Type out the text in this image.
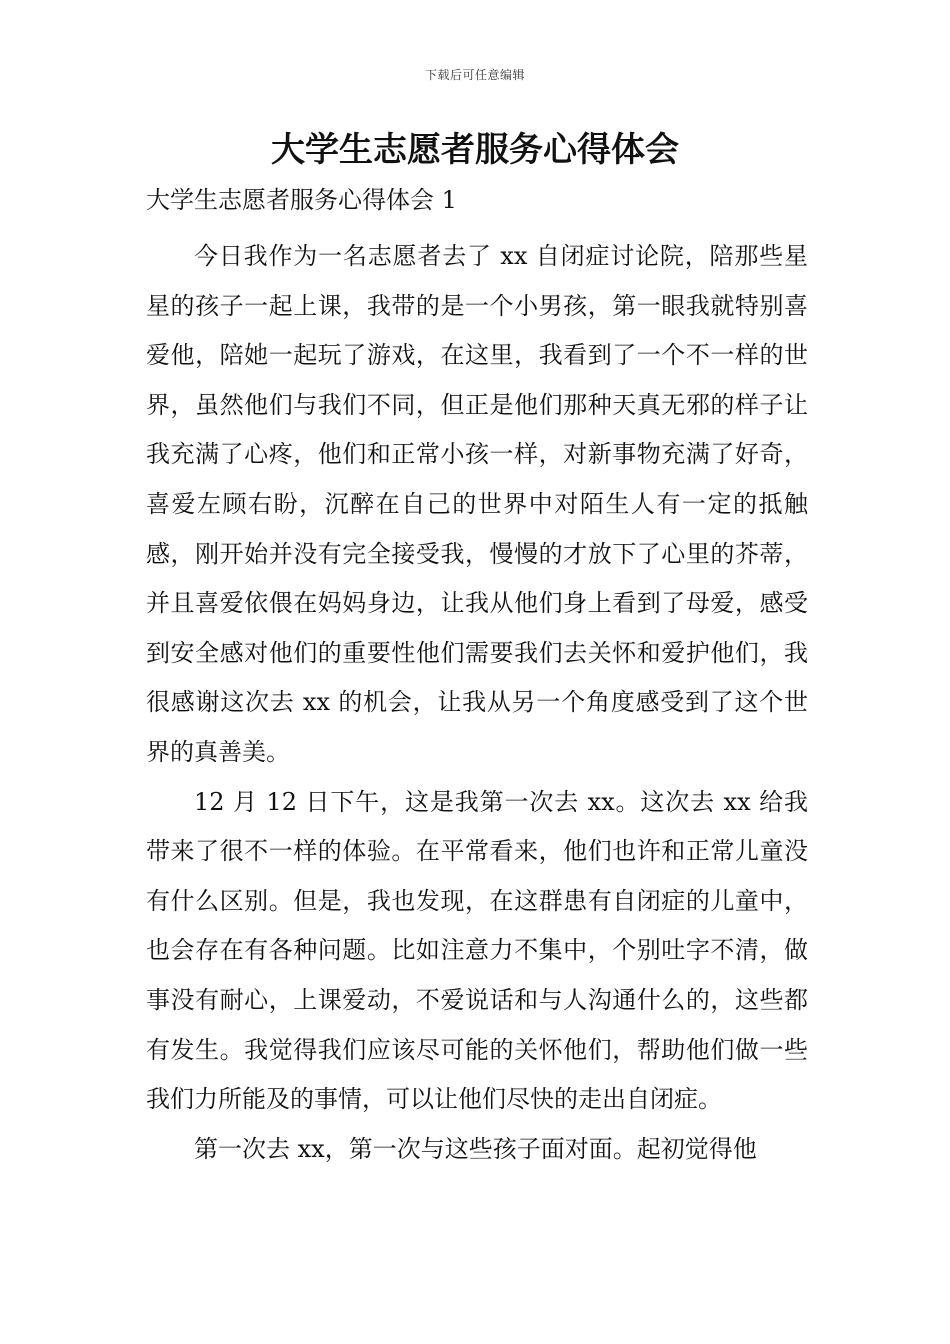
下载后可任意编辑
大学生志愿者服务心得体会

大学生志愿者服务心得体会 1

今日我作为一名志愿者去了 xx 自闭症讨论院，陪那些星星的孩子一起上课，我带的是一个小男孩，第一眼我就特别喜爱他，陪她一起玩了游戏，在这里，我看到了一个不一样的世界，虽然他们与我们不同，但正是他们那种天真无邪的样子让我充满了心疼，他们和正常小孩一样，对新事物充满了好奇，喜爱左顾右盼，沉醉在自己的世界中对陌生人有一定的抵触感，刚开始并没有完全接受我，慢慢的才放下了心里的芥蒂，并且喜爱依偎在妈妈身边，让我从他们身上看到了母爱，感受到安全感对他们的重要性他们需要我们去关怀和爱护他们，我很感谢这次去 xx 的机会，让我从另一个角度感受到了这个世界的真善美。

12 月 12 日下午，这是我第一次去 xx。这次去 xx 给我带来了很不一样的体验。在平常看来，他们也许和正常儿童没有什么区别。但是，我也发现，在这群患有自闭症的儿童中，也会存在有各种问题。比如注意力不集中，个别吐字不清，做事没有耐心，上课爱动，不爱说话和与人沟通什么的，这些都有发生。我觉得我们应该尽可能的关怀他们，帮助他们做一些我们力所能及的事情，可以让他们尽快的走出自闭症。

第一次去 xx，第一次与这些孩子面对面。起初觉得他
